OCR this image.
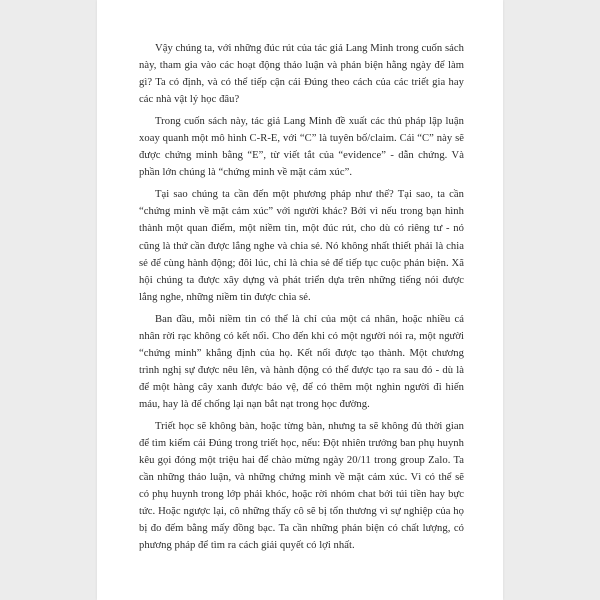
Vậy chúng ta, với những đúc rút của tác giả Lang Minh trong cuốn sách này, tham gia vào các hoạt động thảo luận và phản biện hằng ngày để làm gì? Ta có định, và có thể tiếp cận cái Đúng theo cách của các triết gia hay các nhà vật lý học đâu?

Trong cuốn sách này, tác giả Lang Minh đề xuất các thủ pháp lập luận xoay quanh một mô hình C-R-E, với “C” là tuyên bố/claim. Cái “C” này sẽ được chứng minh bằng “E”, từ viết tắt của “evidence” - dẫn chứng. Và phần lớn chúng là “chứng minh về mặt cảm xúc”.

Tại sao chúng ta cần đến một phương pháp như thế? Tại sao, ta cần “chứng minh về mặt cảm xúc” với người khác? Bởi vì nếu trong bạn hình thành một quan điểm, một niềm tin, một đúc rút, cho dù có riêng tư - nó cũng là thứ cần được lắng nghe và chia sẻ. Nó không nhất thiết phải là chia sẻ để cùng hành động; đôi lúc, chỉ là chia sẻ để tiếp tục cuộc phản biện. Xã hội chúng ta được xây dựng và phát triển dựa trên những tiếng nói được lắng nghe, những niềm tin được chia sẻ.

Ban đầu, mỗi niềm tin có thể là chỉ của một cá nhân, hoặc nhiều cá nhân rời rạc không có kết nối. Cho đến khi có một người nói ra, một người “chứng minh” khẳng định của họ. Kết nối được tạo thành. Một chương trình nghị sự được nêu lên, và hành động có thể được tạo ra sau đó - dù là để một hàng cây xanh được bảo vệ, để có thêm một nghìn người đi hiến máu, hay là để chống lại nạn bắt nạt trong học đường.

Triết học sẽ không bàn, hoặc từng bàn, nhưng ta sẽ không đủ thời gian để tìm kiếm cái Đúng trong triết học, nếu: Đột nhiên trưởng ban phụ huynh kêu gọi đóng một triệu hai để chào mừng ngày 20/11 trong group Zalo. Ta cần những thảo luận, và những chứng minh về mặt cảm xúc. Vì có thể sẽ có phụ huynh trong lớp phải khóc, hoặc rời nhóm chat bởi túi tiền hay bực tức. Hoặc ngược lại, cô những thấy cô sẽ bị tổn thương vì sự nghiệp của họ bị đo đếm bằng mấy đồng bạc. Ta cần những phản biện có chất lượng, có phương pháp để tìm ra cách giải quyết có lợi nhất.
